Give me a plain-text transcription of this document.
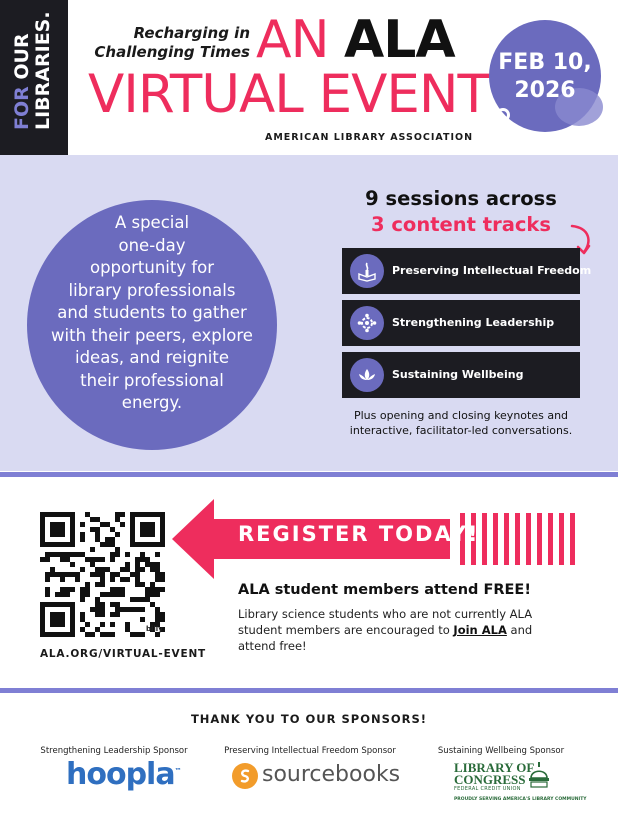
FOR OUR LIBRARIES.	Recharging in
Challenging Times AN ALA
VIRTUAL EVENT
AMERICAN LIBRARY ASSOCIATION
FEB 10,
2026
A special
one-day
opportunity for
library professionals
and students to gather
with their peers, explore
ideas, and reignite
their professional
energy.
9 sessions across
3 content tracks
Preserving Intellectual Freedom
Strengthening Leadership
Sustaining Wellbeing
Plus opening and closing keynotes and
interactive, facilitator-led conversations.
billy
ALA.ORG/VIRTUAL-EVENT
REGISTER TODAY!
ALA student members attend FREE!
Library science students who are not currently ALA student members are encouraged to Join ALA and attend free!
THANK YOU TO OUR SPONSORS!
Strengthening Leadership Sponsor	Preserving Intellectual Freedom Sponsor	Sustaining Wellbeing Sponsor
hoopla™	sourcebooks	LIBRARY OF
CONGRESS
FEDERAL CREDIT UNION
PROUDLY SERVING AMERICA'S LIBRARY COMMUNITY
